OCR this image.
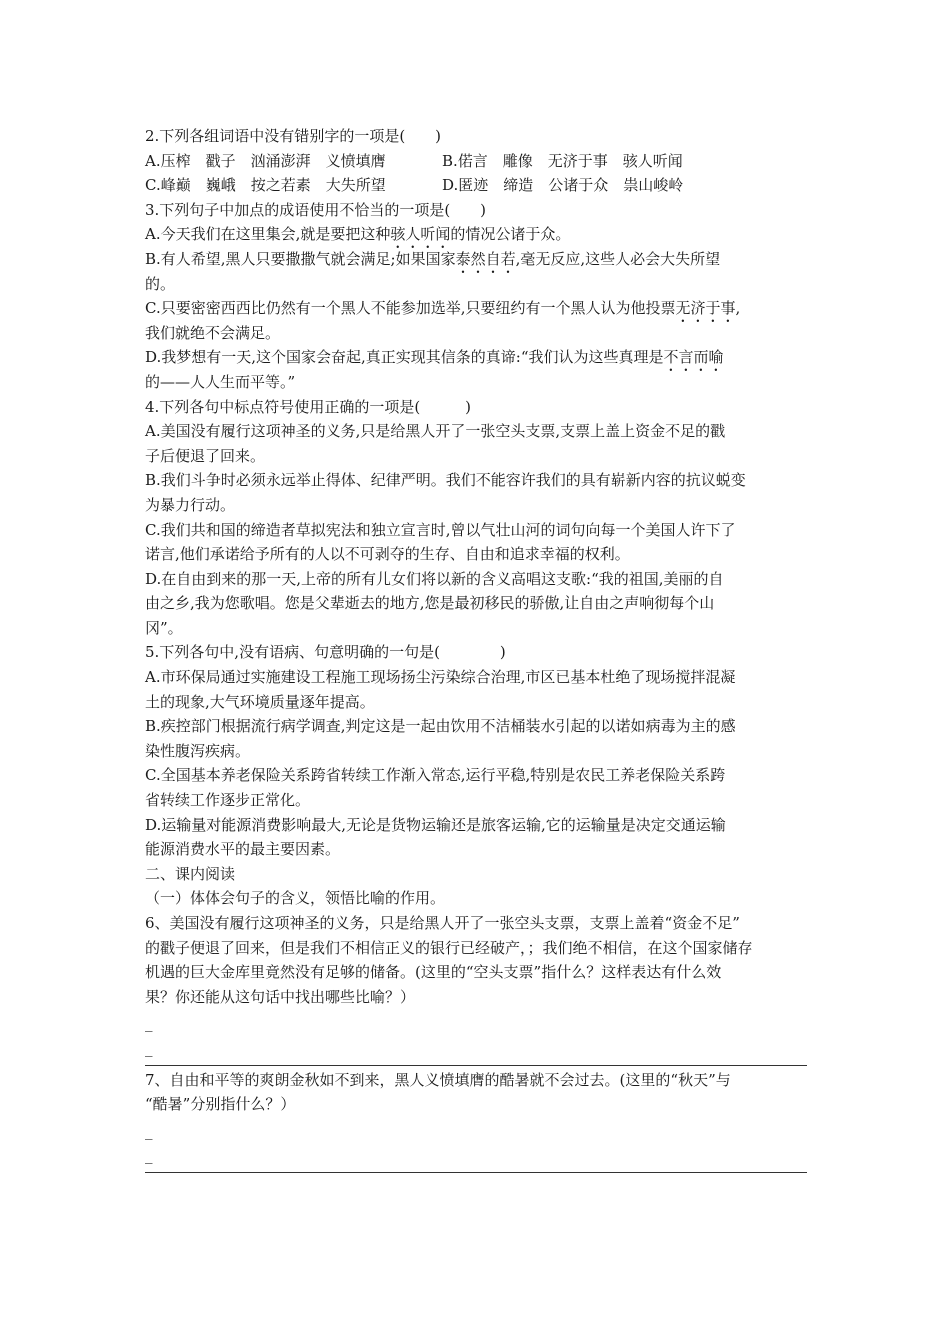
2.下列各组词语中没有错别字的一项是(　　)
A.压榨　戳子　汹涌澎湃　义愤填膺	B.偌言　雕像　无济于事　骇人听闻
C.峰巅　巍峨　按之若素　大失所望	D.匿迹　缔造　公诸于众　祟山峻岭
3.下列句子中加点的成语使用不恰当的一项是(　　)
A.今天我们在这里集会,就是要把这种骇人听闻的情况公诸于众。
B.有人希望,黑人只要撒撒气就会满足;如果国家泰然自若,毫无反应,这些人必会大失所望
的。
C.只要密密西西比仍然有一个黑人不能参加选举,只要纽约有一个黑人认为他投票无济于事,
我们就绝不会满足。
D.我梦想有一天,这个国家会奋起,真正实现其信条的真谛:“我们认为这些真理是不言而喻
的——人人生而平等。”
4.下列各句中标点符号使用正确的一项是(　　　)
A.美国没有履行这项神圣的义务,只是给黑人开了一张空头支票,支票上盖上资金不足的戳
子后便退了回来。
B.我们斗争时必须永远举止得体、纪律严明。我们不能容许我们的具有崭新内容的抗议蜕变
为暴力行动。
C.我们共和国的缔造者草拟宪法和独立宣言时,曾以气壮山河的词句向每一个美国人许下了
诺言,他们承诺给予所有的人以不可剥夺的生存、自由和追求幸福的权利。
D.在自由到来的那一天,上帝的所有儿女们将以新的含义高唱这支歌:“我的祖国,美丽的自
由之乡,我为您歌唱。您是父辈逝去的地方,您是最初移民的骄傲,让自由之声响彻每个山
冈”。
5.下列各句中,没有语病、句意明确的一句是(　　　　)
A.市环保局通过实施建设工程施工现场扬尘污染综合治理,市区已基本杜绝了现场搅拌混凝
土的现象,大气环境质量逐年提高。
B.疾控部门根据流行病学调查,判定这是一起由饮用不洁桶装水引起的以诺如病毒为主的感
染性腹泻疾病。
C.全国基本养老保险关系跨省转续工作渐入常态,运行平稳,特别是农民工养老保险关系跨
省转续工作逐步正常化。
D.运输量对能源消费影响最大,无论是货物运输还是旅客运输,它的运输量是决定交通运输
能源消费水平的最主要因素。
二、课内阅读
（一）体体会句子的含义，领悟比喻的作用。
6、美国没有履行这项神圣的义务，只是给黑人开了一张空头支票，支票上盖着“资金不足”
的戳子便退了回来，但是我们不相信正义的银行已经破产，；我们绝不相信，在这个国家储存
机遇的巨大金库里竟然没有足够的储备。(这里的“空头支票”指什么？这样表达有什么效
果？你还能从这句话中找出哪些比喻？）
_
_
7、自由和平等的爽朗金秋如不到来，黑人义愤填膺的酷暑就不会过去。(这里的“秋天”与
“酷暑”分别指什么？）
_
_
